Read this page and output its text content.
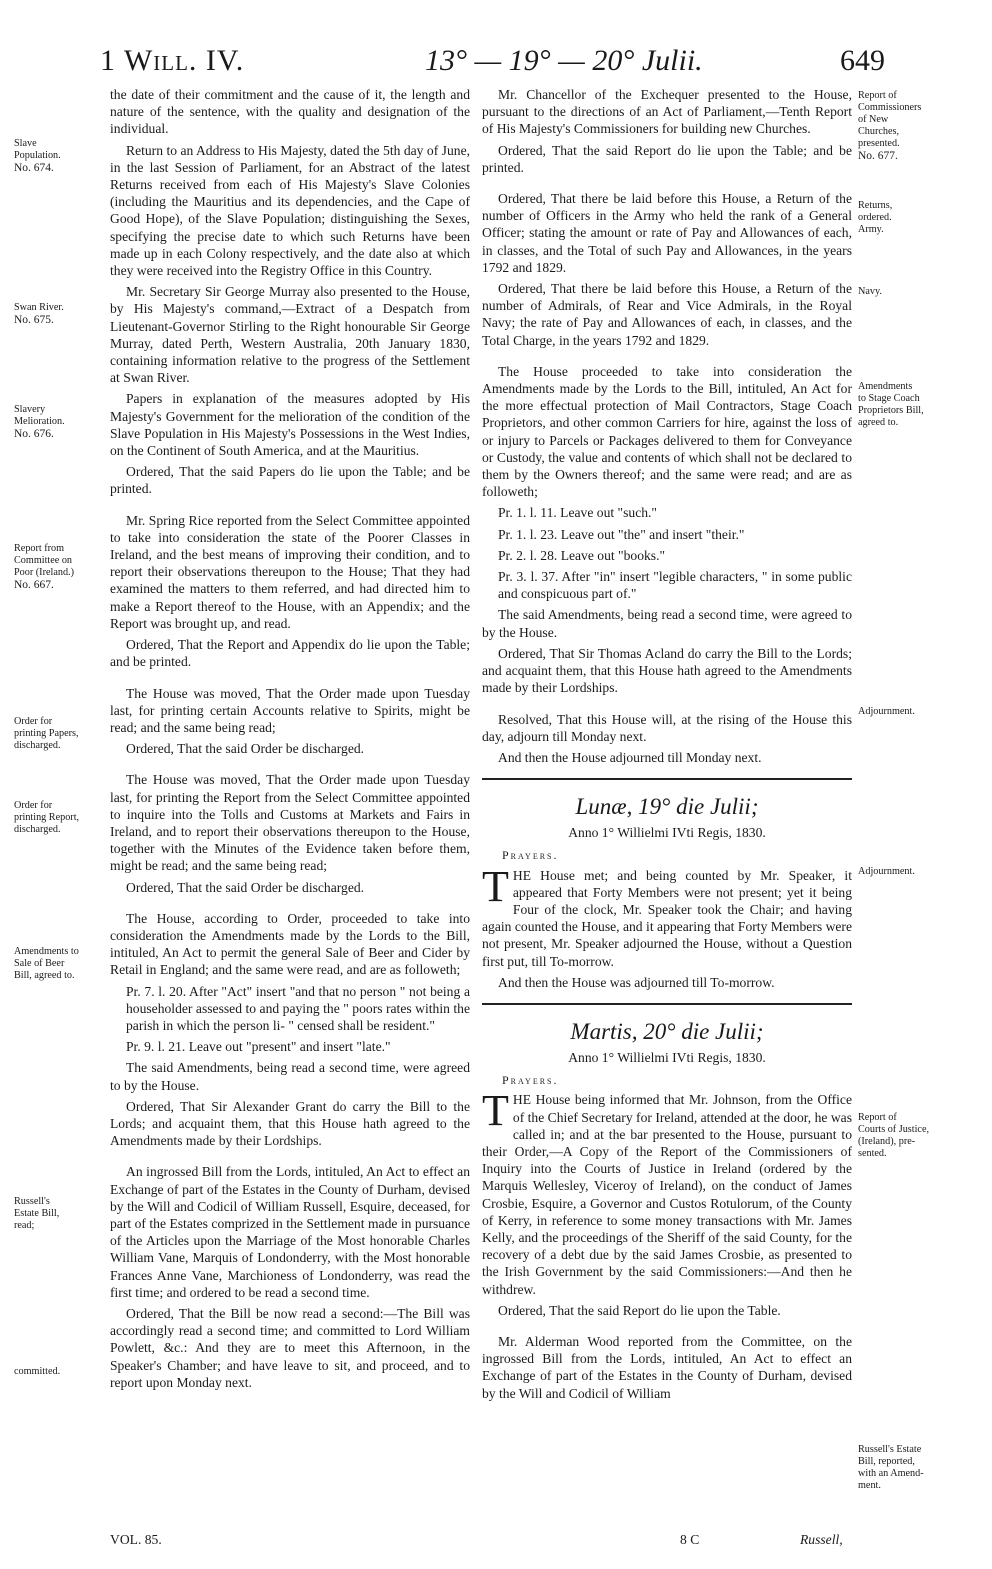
1 Will. IV.	13° — 19° — 20° Julii.	649
Slave
Population.
No. 674.
Swan River.
No. 675.
Slavery
Melioration.
No. 676.
Report from
Committee on
Poor (Ireland.)
No. 667.
Order for
printing Papers,
discharged.
Order for
printing Report,
discharged.
Amendments to
Sale of Beer
Bill, agreed to.
Russell's
Estate Bill,
read;
committed.
Report of
Commissioners
of New
Churches,
presented.
No. 677.
Returns,
ordered.
Army.
Navy.
Amendments
to Stage Coach
Proprietors Bill,
agreed to.
Adjournment.
Adjournment.
Report of
Courts of Justice,
(Ireland), pre-
sented.
Russell's Estate
Bill, reported,
with an Amend-
ment.

the date of their commitment and the cause of it, the length and nature of the sentence, with the quality and designation of the individual.

Return to an Address to His Majesty, dated the 5th day of June, in the last Session of Parliament, for an Abstract of the latest Returns received from each of His Majesty's Slave Colonies (including the Mauritius and its dependencies, and the Cape of Good Hope), of the Slave Population; distinguishing the Sexes, specifying the precise date to which such Returns have been made up in each Colony respectively, and the date also at which they were received into the Registry Office in this Country.

Mr. Secretary Sir George Murray also presented to the House, by His Majesty's command,—Extract of a Despatch from Lieutenant-Governor Stirling to the Right honourable Sir George Murray, dated Perth, Western Australia, 20th January 1830, containing information relative to the progress of the Settlement at Swan River.

Papers in explanation of the measures adopted by His Majesty's Government for the melioration of the condition of the Slave Population in His Majesty's Possessions in the West Indies, on the Continent of South America, and at the Mauritius.

Ordered, That the said Papers do lie upon the Table; and be printed.

Mr. Spring Rice reported from the Select Committee appointed to take into consideration the state of the Poorer Classes in Ireland, and the best means of improving their condition, and to report their observations thereupon to the House; That they had examined the matters to them referred, and had directed him to make a Report thereof to the House, with an Appendix; and the Report was brought up, and read.

Ordered, That the Report and Appendix do lie upon the Table; and be printed.

The House was moved, That the Order made upon Tuesday last, for printing certain Accounts relative to Spirits, might be read; and the same being read;

Ordered, That the said Order be discharged.

The House was moved, That the Order made upon Tuesday last, for printing the Report from the Select Committee appointed to inquire into the Tolls and Customs at Markets and Fairs in Ireland, and to report their observations thereupon to the House, together with the Minutes of the Evidence taken before them, might be read; and the same being read;

Ordered, That the said Order be discharged.

The House, according to Order, proceeded to take into consideration the Amendments made by the Lords to the Bill, intituled, An Act to permit the general Sale of Beer and Cider by Retail in England; and the same were read, and are as followeth;

Pr. 7. l. 20. After "Act" insert "and that no person " not being a householder assessed to and paying the " poors rates within the parish in which the person li- " censed shall be resident."

Pr. 9. l. 21. Leave out "present" and insert "late."

The said Amendments, being read a second time, were agreed to by the House.

Ordered, That Sir Alexander Grant do carry the Bill to the Lords; and acquaint them, that this House hath agreed to the Amendments made by their Lordships.

An ingrossed Bill from the Lords, intituled, An Act to effect an Exchange of part of the Estates in the County of Durham, devised by the Will and Codicil of William Russell, Esquire, deceased, for part of the Estates comprized in the Settlement made in pursuance of the Articles upon the Marriage of the Most honorable Charles William Vane, Marquis of Londonderry, with the Most honorable Frances Anne Vane, Marchioness of Londonderry, was read the first time; and ordered to be read a second time.

Ordered, That the Bill be now read a second:—The Bill was accordingly read a second time; and committed to Lord William Powlett, &c.: And they are to meet this Afternoon, in the Speaker's Chamber; and have leave to sit, and proceed, and to report upon Monday next.

Mr. Chancellor of the Exchequer presented to the House, pursuant to the directions of an Act of Parliament,—Tenth Report of His Majesty's Commissioners for building new Churches.

Ordered, That the said Report do lie upon the Table; and be printed.

Ordered, That there be laid before this House, a Return of the number of Officers in the Army who held the rank of a General Officer; stating the amount or rate of Pay and Allowances of each, in classes, and the Total of such Pay and Allowances, in the years 1792 and 1829.

Ordered, That there be laid before this House, a Return of the number of Admirals, of Rear and Vice Admirals, in the Royal Navy; the rate of Pay and Allowances of each, in classes, and the Total Charge, in the years 1792 and 1829.

The House proceeded to take into consideration the Amendments made by the Lords to the Bill, intituled, An Act for the more effectual protection of Mail Contractors, Stage Coach Proprietors, and other common Carriers for hire, against the loss of or injury to Parcels or Packages delivered to them for Conveyance or Custody, the value and contents of which shall not be declared to them by the Owners thereof; and the same were read; and are as followeth;

Pr. 1. l. 11. Leave out "such."

Pr. 1. l. 23. Leave out "the" and insert "their."

Pr. 2. l. 28. Leave out "books."

Pr. 3. l. 37. After "in" insert "legible characters, " in some public and conspicuous part of."

The said Amendments, being read a second time, were agreed to by the House.

Ordered, That Sir Thomas Acland do carry the Bill to the Lords; and acquaint them, that this House hath agreed to the Amendments made by their Lordships.

Resolved, That this House will, at the rising of the House this day, adjourn till Monday next.

And then the House adjourned till Monday next.

Lunæ, 19° die Julii;
Anno 1° Willielmi IVti Regis, 1830.
Prayers.

THE House met; and being counted by Mr. Speaker, it appeared that Forty Members were not present; yet it being Four of the clock, Mr. Speaker took the Chair; and having again counted the House, and it appearing that Forty Members were not present, Mr. Speaker adjourned the House, without a Question first put, till To-morrow.

And then the House was adjourned till To-morrow.

Martis, 20° die Julii;
Anno 1° Willielmi IVti Regis, 1830.
Prayers.

THE House being informed that Mr. Johnson, from the Office of the Chief Secretary for Ireland, attended at the door, he was called in; and at the bar presented to the House, pursuant to their Order,—A Copy of the Report of the Commissioners of Inquiry into the Courts of Justice in Ireland (ordered by the Marquis Wellesley, Viceroy of Ireland), on the conduct of James Crosbie, Esquire, a Governor and Custos Rotulorum, of the County of Kerry, in reference to some money transactions with Mr. James Kelly, and the proceedings of the Sheriff of the said County, for the recovery of a debt due by the said James Crosbie, as presented to the Irish Government by the said Commissioners:—And then he withdrew.

Ordered, That the said Report do lie upon the Table.

Mr. Alderman Wood reported from the Committee, on the ingrossed Bill from the Lords, intituled, An Act to effect an Exchange of part of the Estates in the County of Durham, devised by the Will and Codicil of William

VOL. 85.	8 C	Russell,
